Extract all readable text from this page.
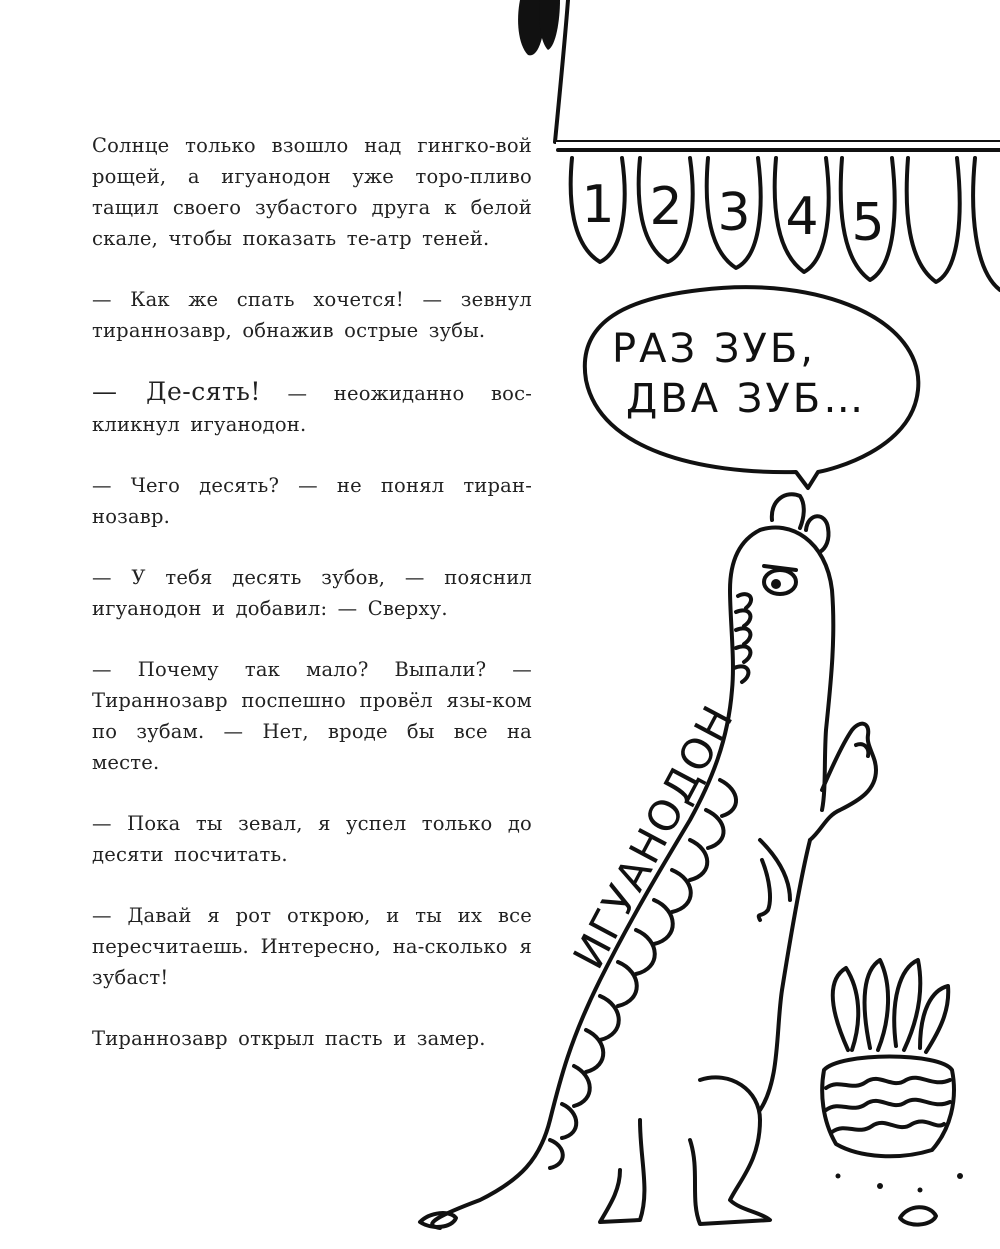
Солнце только взошло над гингко-вой рощей, а игуанодон уже торо-пливо тащил своего зубастого друга к белой скале, чтобы показать те-атр теней.

— Как же спать хочется! — зевнул тираннозавр, обнажив острые зубы.

— Де-сять! — неожиданно вос-кликнул игуанодон.

— Чего десять? — не понял тиран-нозавр.

— У тебя десять зубов, — пояснил игуанодон и добавил: — Сверху.

— Почему так мало? Выпали? — Тираннозавр поспешно провёл язы-ком по зубам. — Нет, вроде бы все на месте.

— Пока ты зевал, я успел только до десяти посчитать.

— Давай я рот открою, и ты их все пересчитаешь. Интересно, на-сколько я зубаст!

Тираннозавр открыл пасть и замер.

1 2 3 4 5
РАЗ ЗУБ,
ДВА ЗУБ…
ИГУАНОДОН
